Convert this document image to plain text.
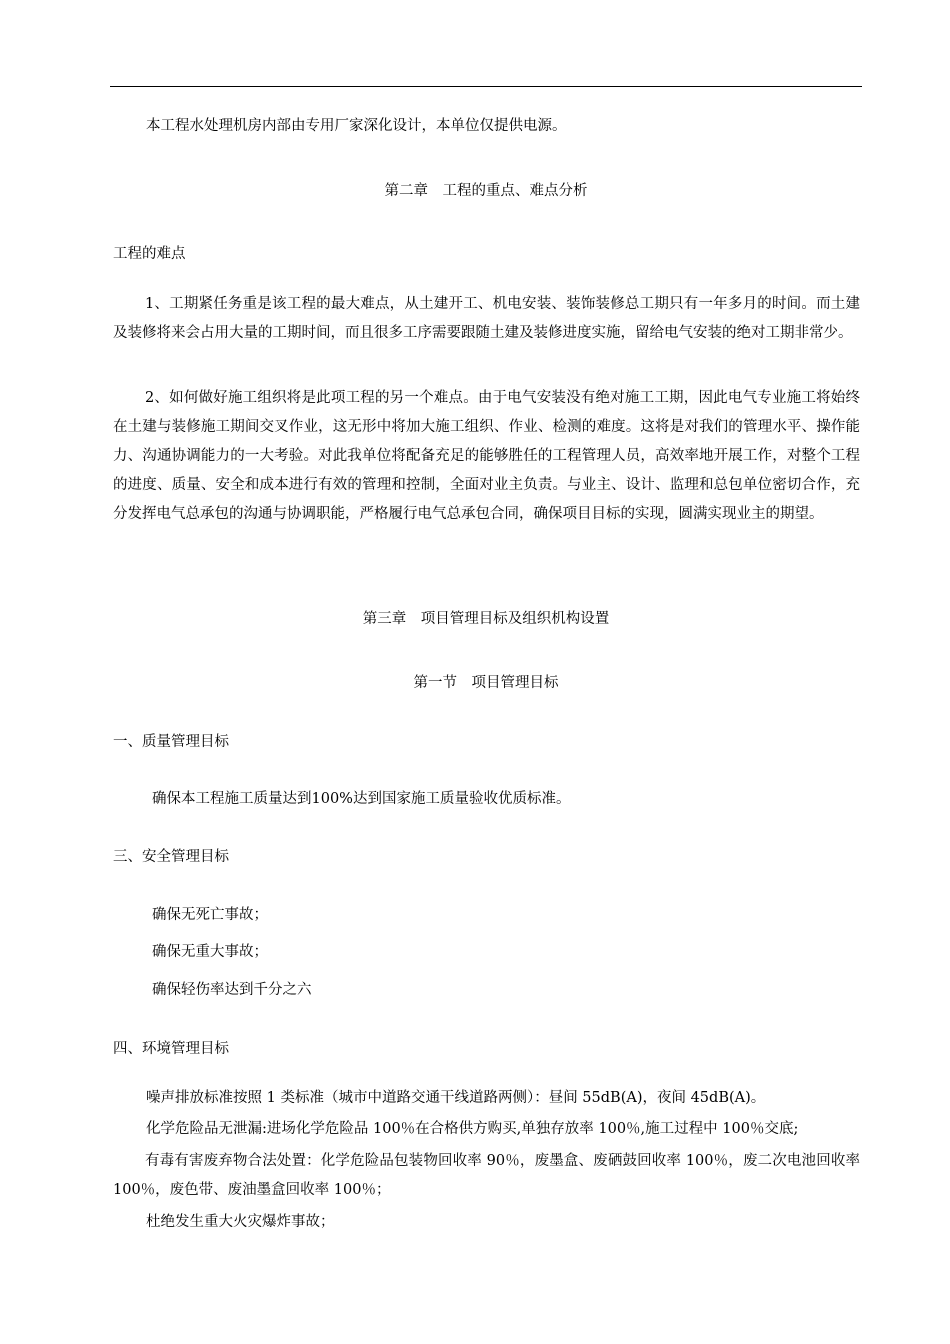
本工程水处理机房内部由专用厂家深化设计，本单位仅提供电源。
第二章　工程的重点、难点分析
工程的难点
1、工期紧任务重是该工程的最大难点，从土建开工、机电安装、装饰装修总工期只有一年多月的时间。而土建及装修将来会占用大量的工期时间，而且很多工序需要跟随土建及装修进度实施，留给电气安装的绝对工期非常少。
2、如何做好施工组织将是此项工程的另一个难点。由于电气安装没有绝对施工工期，因此电气专业施工将始终在土建与装修施工期间交叉作业，这无形中将加大施工组织、作业、检测的难度。这将是对我们的管理水平、操作能力、沟通协调能力的一大考验。对此我单位将配备充足的能够胜任的工程管理人员，高效率地开展工作，对整个工程的进度、质量、安全和成本进行有效的管理和控制，全面对业主负责。与业主、设计、监理和总包单位密切合作，充分发挥电气总承包的沟通与协调职能，严格履行电气总承包合同，确保项目目标的实现，圆满实现业主的期望。
第三章　项目管理目标及组织机构设置
第一节　项目管理目标
一、质量管理目标
确保本工程施工质量达到100%达到国家施工质量验收优质标准。
三、安全管理目标
确保无死亡事故；
确保无重大事故；
确保轻伤率达到千分之六
四、环境管理目标
噪声排放标准按照 1 类标准（城市中道路交通干线道路两侧）：昼间 55dB(A)，夜间 45dB(A)。
化学危险品无泄漏:进场化学危险品 100％在合格供方购买,单独存放率 100％,施工过程中 100％交底;
有毒有害废弃物合法处置：化学危险品包装物回收率 90％，废墨盒、废硒鼓回收率 100％，废二次电池回收率 100％，废色带、废油墨盒回收率 100％；
杜绝发生重大火灾爆炸事故；
